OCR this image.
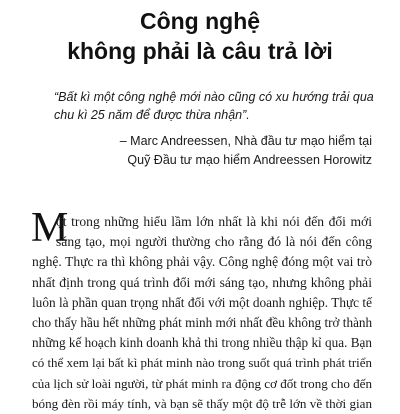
Công nghệ
không phải là câu trả lời

“Bất kì một công nghệ mới nào cũng có xu hướng trải qua
chu kì 25 năm để được thừa nhận”.

– Marc Andreessen, Nhà đầu tư mạo hiểm tại
Quỹ Đầu tư mạo hiểm Andreessen Horowitz

M
ột trong những hiểu lầm lớn nhất là khi nói đến đổi mới
sáng tạo, mọi người thường cho rằng đó là nói đến công
nghệ. Thực ra thì không phải vậy. Công nghệ đóng một vai trò
nhất định trong quá trình đổi mới sáng tạo, nhưng không phải
luôn là phần quan trọng nhất đối với một doanh nghiệp. Thực tế
cho thấy hầu hết những phát minh mới nhất đều không trở thành
những kế hoạch kinh doanh khả thi trong nhiều thập kỉ qua. Bạn
có thể xem lại bất kì phát minh nào trong suốt quá trình phát triển
của lịch sử loài người, từ phát minh ra động cơ đốt trong cho đến
bóng đèn rồi máy tính, và bạn sẽ thấy một độ trễ lớn về thời gian
